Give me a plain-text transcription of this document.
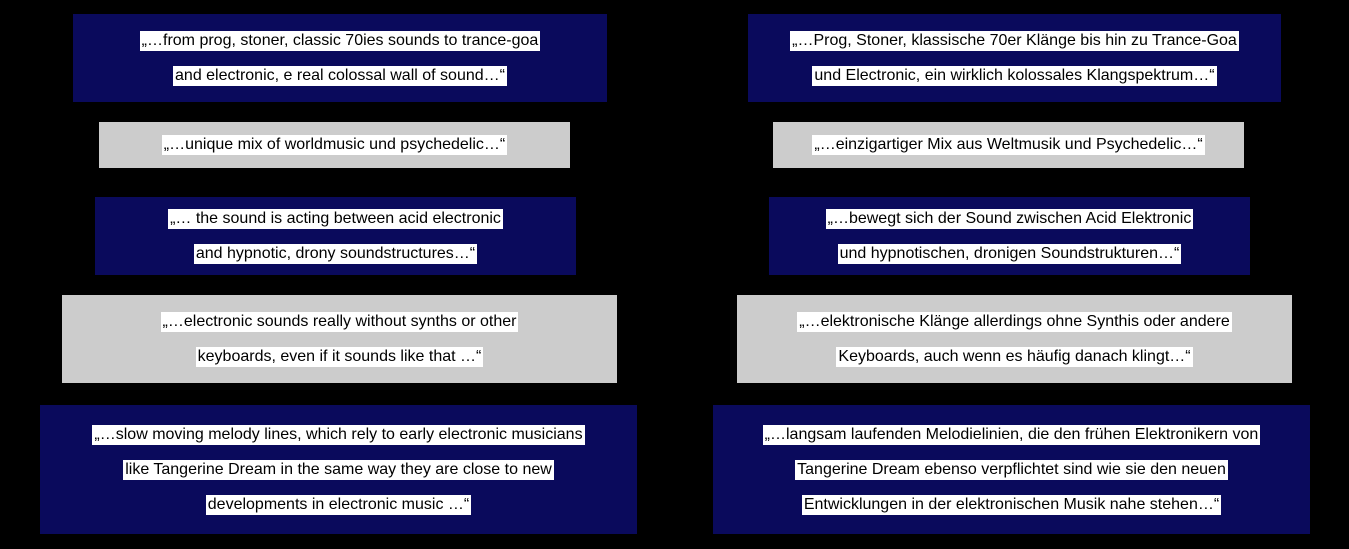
„…from prog, stoner, classic 70ies sounds to trance-goa
and electronic, e real colossal wall of sound…“
„…unique mix of worldmusic und psychedelic…“
„… the sound is acting between acid electronic
and hypnotic, drony soundstructures…“
„…electronic sounds really without synths or other
keyboards, even if it sounds like that …“
„…slow moving melody lines, which rely to early electronic musicians
like Tangerine Dream in the same way they are close to new
developments in electronic music …“
„…Prog, Stoner, klassische 70er Klänge bis hin zu Trance-Goa
und Electronic, ein wirklich kolossales Klangspektrum…“
„…einzigartiger Mix aus Weltmusik und Psychedelic…“
„…bewegt sich der Sound zwischen Acid Elektronic
und hypnotischen, dronigen Soundstrukturen…“
„…elektronische Klänge allerdings ohne Synthis oder andere
Keyboards, auch wenn es häufig danach klingt…“
„…langsam laufenden Melodielinien, die den frühen Elektronikern von
Tangerine Dream ebenso verpflichtet sind wie sie den neuen
Entwicklungen in der elektronischen Musik nahe stehen…“
